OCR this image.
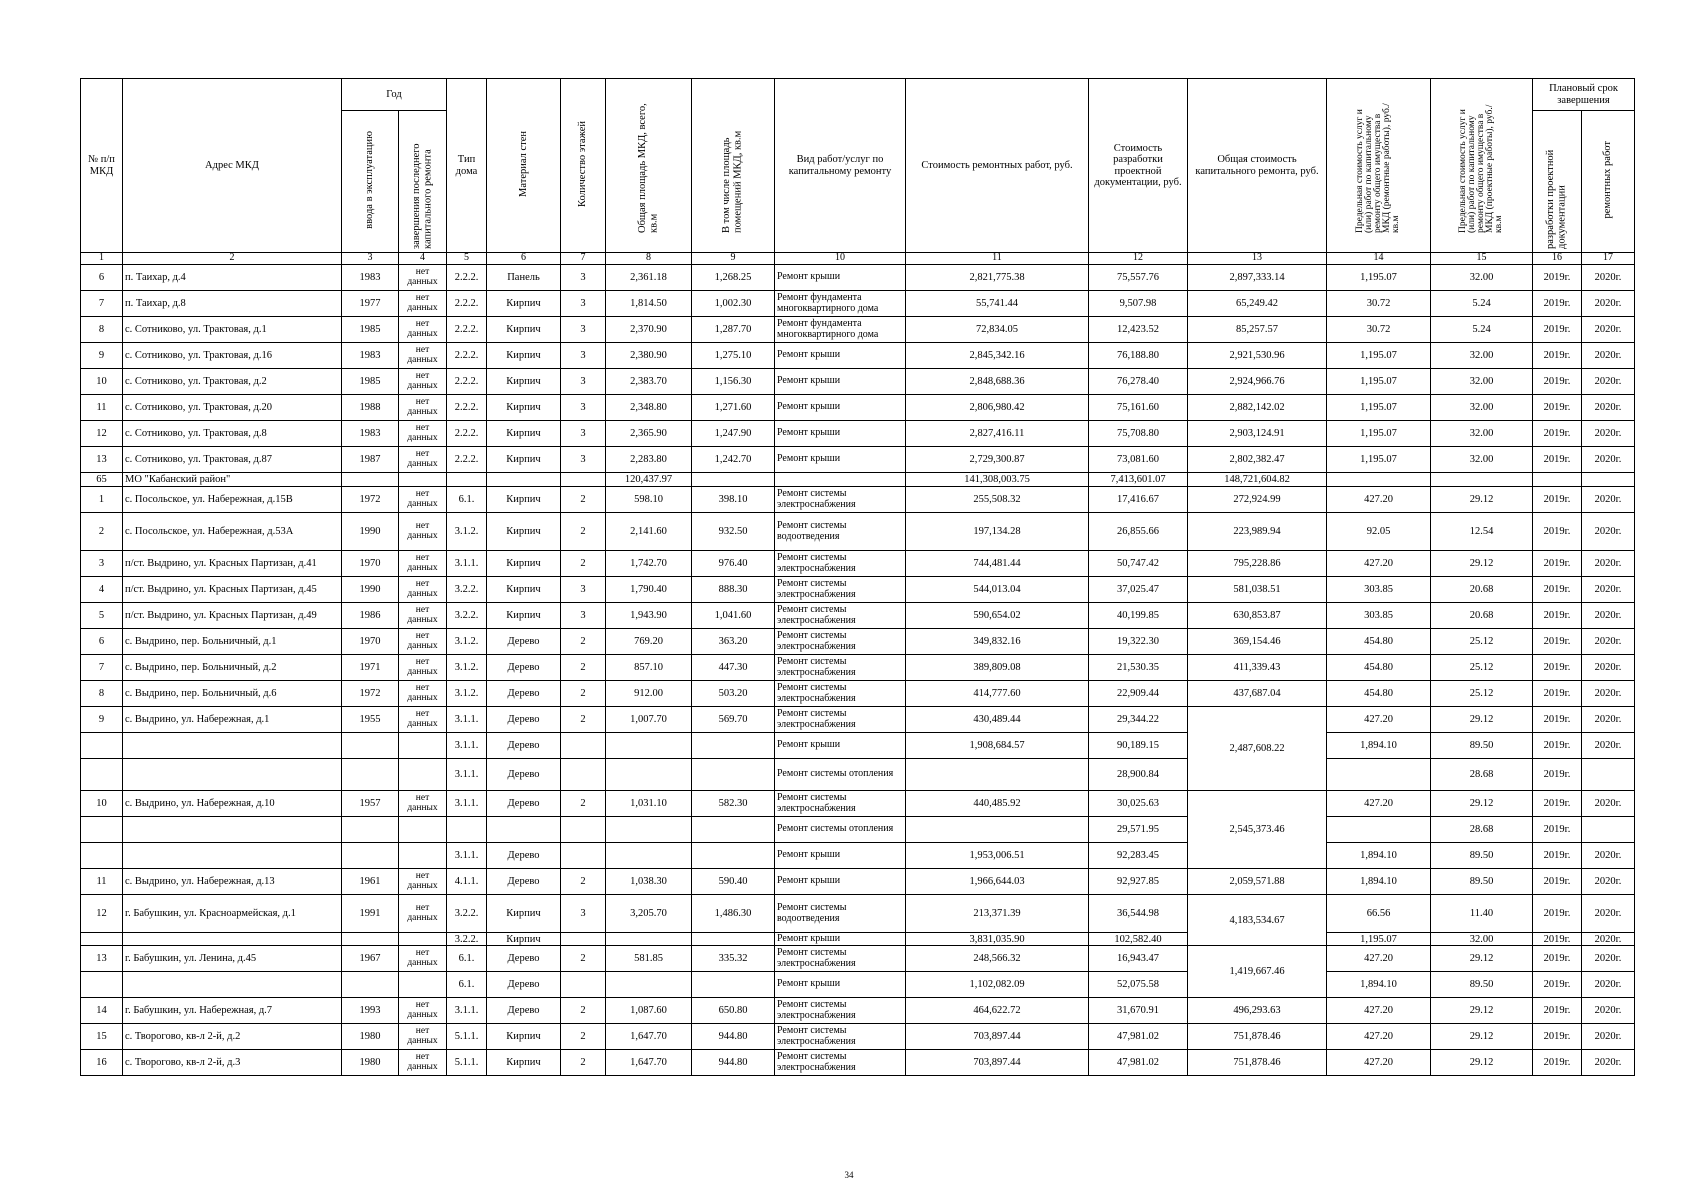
№ п/п МКД	Адрес МКД	Год		Тип дома	Материал стен	Количество этажей	Общая площадь МКД, всего, кв.м	В том числе площадь помещений МКД, кв.м	Вид работ/услуг по капитальному ремонту	Стоимость ремонтных работ, руб.	Стоимость разработки проектной документации, руб.	Общая стоимость капитального ремонта, руб.	Предельная стоимость услуг и (или) работ по капитальному ремонту общего имущества в МКД (ремонтные работы), руб./кв.м	Предельная стоимость услуг и (или) работ по капитальному ремонту общего имущества в МКД (проектные работы), руб./кв.м	Плановый срок завершения	
		ввода в эксплуатацию	завершения последнего капитального ремонта												разработки проектной документации	ремонтных работ
1	2	3	4	5	6	7	8	9	10	11	12	13	14	15	16	17
6	п. Таихар, д.4	1983	нет данных	2.2.2.	Панель	3	2,361.18	1,268.25	Ремонт крыши	2,821,775.38	75,557.76	2,897,333.14	1,195.07	32.00	2019г.	2020г.
7	п. Таихар, д.8	1977	нет данных	2.2.2.	Кирпич	3	1,814.50	1,002.30	Ремонт фундамента многоквартирного дома	55,741.44	9,507.98	65,249.42	30.72	5.24	2019г.	2020г.
8	с. Сотниково, ул. Трактовая, д.1	1985	нет данных	2.2.2.	Кирпич	3	2,370.90	1,287.70	Ремонт фундамента многоквартирного дома	72,834.05	12,423.52	85,257.57	30.72	5.24	2019г.	2020г.
9	с. Сотниково, ул. Трактовая, д.16	1983	нет данных	2.2.2.	Кирпич	3	2,380.90	1,275.10	Ремонт крыши	2,845,342.16	76,188.80	2,921,530.96	1,195.07	32.00	2019г.	2020г.
10	с. Сотниково, ул. Трактовая, д.2	1985	нет данных	2.2.2.	Кирпич	3	2,383.70	1,156.30	Ремонт крыши	2,848,688.36	76,278.40	2,924,966.76	1,195.07	32.00	2019г.	2020г.
11	с. Сотниково, ул. Трактовая, д.20	1988	нет данных	2.2.2.	Кирпич	3	2,348.80	1,271.60	Ремонт крыши	2,806,980.42	75,161.60	2,882,142.02	1,195.07	32.00	2019г.	2020г.
12	с. Сотниково, ул. Трактовая, д.8	1983	нет данных	2.2.2.	Кирпич	3	2,365.90	1,247.90	Ремонт крыши	2,827,416.11	75,708.80	2,903,124.91	1,195.07	32.00	2019г.	2020г.
13	с. Сотниково, ул. Трактовая, д.87	1987	нет данных	2.2.2.	Кирпич	3	2,283.80	1,242.70	Ремонт крыши	2,729,300.87	73,081.60	2,802,382.47	1,195.07	32.00	2019г.	2020г.
65	МО "Кабанский район"						120,437.97			141,308,003.75	7,413,601.07	148,721,604.82				
1	с. Посольское, ул. Набережная, д.15В	1972	нет данных	6.1.	Кирпич	2	598.10	398.10	Ремонт системы электроснабжения	255,508.32	17,416.67	272,924.99	427.20	29.12	2019г.	2020г.
2	с. Посольское, ул. Набережная, д.53А	1990	нет данных	3.1.2.	Кирпич	2	2,141.60	932.50	Ремонт системы водоотведения	197,134.28	26,855.66	223,989.94	92.05	12.54	2019г.	2020г.
3	п/ст. Выдрино, ул. Красных Партизан, д.41	1970	нет данных	3.1.1.	Кирпич	2	1,742.70	976.40	Ремонт системы электроснабжения	744,481.44	50,747.42	795,228.86	427.20	29.12	2019г.	2020г.
4	п/ст. Выдрино, ул. Красных Партизан, д.45	1990	нет данных	3.2.2.	Кирпич	3	1,790.40	888.30	Ремонт системы электроснабжения	544,013.04	37,025.47	581,038.51	303.85	20.68	2019г.	2020г.
5	п/ст. Выдрино, ул. Красных Партизан, д.49	1986	нет данных	3.2.2.	Кирпич	3	1,943.90	1,041.60	Ремонт системы электроснабжения	590,654.02	40,199.85	630,853.87	303.85	20.68	2019г.	2020г.
6	с. Выдрино, пер. Больничный, д.1	1970	нет данных	3.1.2.	Дерево	2	769.20	363.20	Ремонт системы электроснабжения	349,832.16	19,322.30	369,154.46	454.80	25.12	2019г.	2020г.
7	с. Выдрино, пер. Больничный, д.2	1971	нет данных	3.1.2.	Дерево	2	857.10	447.30	Ремонт системы электроснабжения	389,809.08	21,530.35	411,339.43	454.80	25.12	2019г.	2020г.
8	с. Выдрино, пер. Больничный, д.6	1972	нет данных	3.1.2.	Дерево	2	912.00	503.20	Ремонт системы электроснабжения	414,777.60	22,909.44	437,687.04	454.80	25.12	2019г.	2020г.
9	с. Выдрино, ул. Набережная, д.1	1955	нет данных	3.1.1.	Дерево	2	1,007.70	569.70	Ремонт системы электроснабжения	430,489.44	29,344.22	2,487,608.22	427.20	29.12	2019г.	2020г.
				3.1.1.	Дерево				Ремонт крыши	1,908,684.57	90,189.15		1,894.10	89.50	2019г.	2020г.
				3.1.1.	Дерево				Ремонт системы отопления		28,900.84			28.68	2019г.	
10	с. Выдрино, ул. Набережная, д.10	1957	нет данных	3.1.1.	Дерево	2	1,031.10	582.30	Ремонт системы электроснабжения	440,485.92	30,025.63	2,545,373.46	427.20	29.12	2019г.	2020г.
									Ремонт системы отопления		29,571.95			28.68	2019г.	
				3.1.1.	Дерево				Ремонт крыши	1,953,006.51	92,283.45		1,894.10	89.50	2019г.	2020г.
11	с. Выдрино, ул. Набережная, д.13	1961	нет данных	4.1.1.	Дерево	2	1,038.30	590.40	Ремонт крыши	1,966,644.03	92,927.85	2,059,571.88	1,894.10	89.50	2019г.	2020г.
12	г. Бабушкин, ул. Красноармейская, д.1	1991	нет данных	3.2.2.	Кирпич	3	3,205.70	1,486.30	Ремонт системы водоотведения	213,371.39	36,544.98	4,183,534.67	66.56	11.40	2019г.	2020г.
				3.2.2.	Кирпич				Ремонт крыши	3,831,035.90	102,582.40		1,195.07	32.00	2019г.	2020г.
13	г. Бабушкин, ул. Ленина, д.45	1967	нет данных	6.1.	Дерево	2	581.85	335.32	Ремонт системы электроснабжения	248,566.32	16,943.47	1,419,667.46	427.20	29.12	2019г.	2020г.
				6.1.	Дерево				Ремонт крыши	1,102,082.09	52,075.58		1,894.10	89.50	2019г.	2020г.
14	г. Бабушкин, ул. Набережная, д.7	1993	нет данных	3.1.1.	Дерево	2	1,087.60	650.80	Ремонт системы электроснабжения	464,622.72	31,670.91	496,293.63	427.20	29.12	2019г.	2020г.
15	с. Творогово, кв-л 2-й, д.2	1980	нет данных	5.1.1.	Кирпич	2	1,647.70	944.80	Ремонт системы электроснабжения	703,897.44	47,981.02	751,878.46	427.20	29.12	2019г.	2020г.
16	с. Творогово, кв-л 2-й, д.3	1980	нет данных	5.1.1.	Кирпич	2	1,647.70	944.80	Ремонт системы электроснабжения	703,897.44	47,981.02	751,878.46	427.20	29.12	2019г.	2020г.
34
